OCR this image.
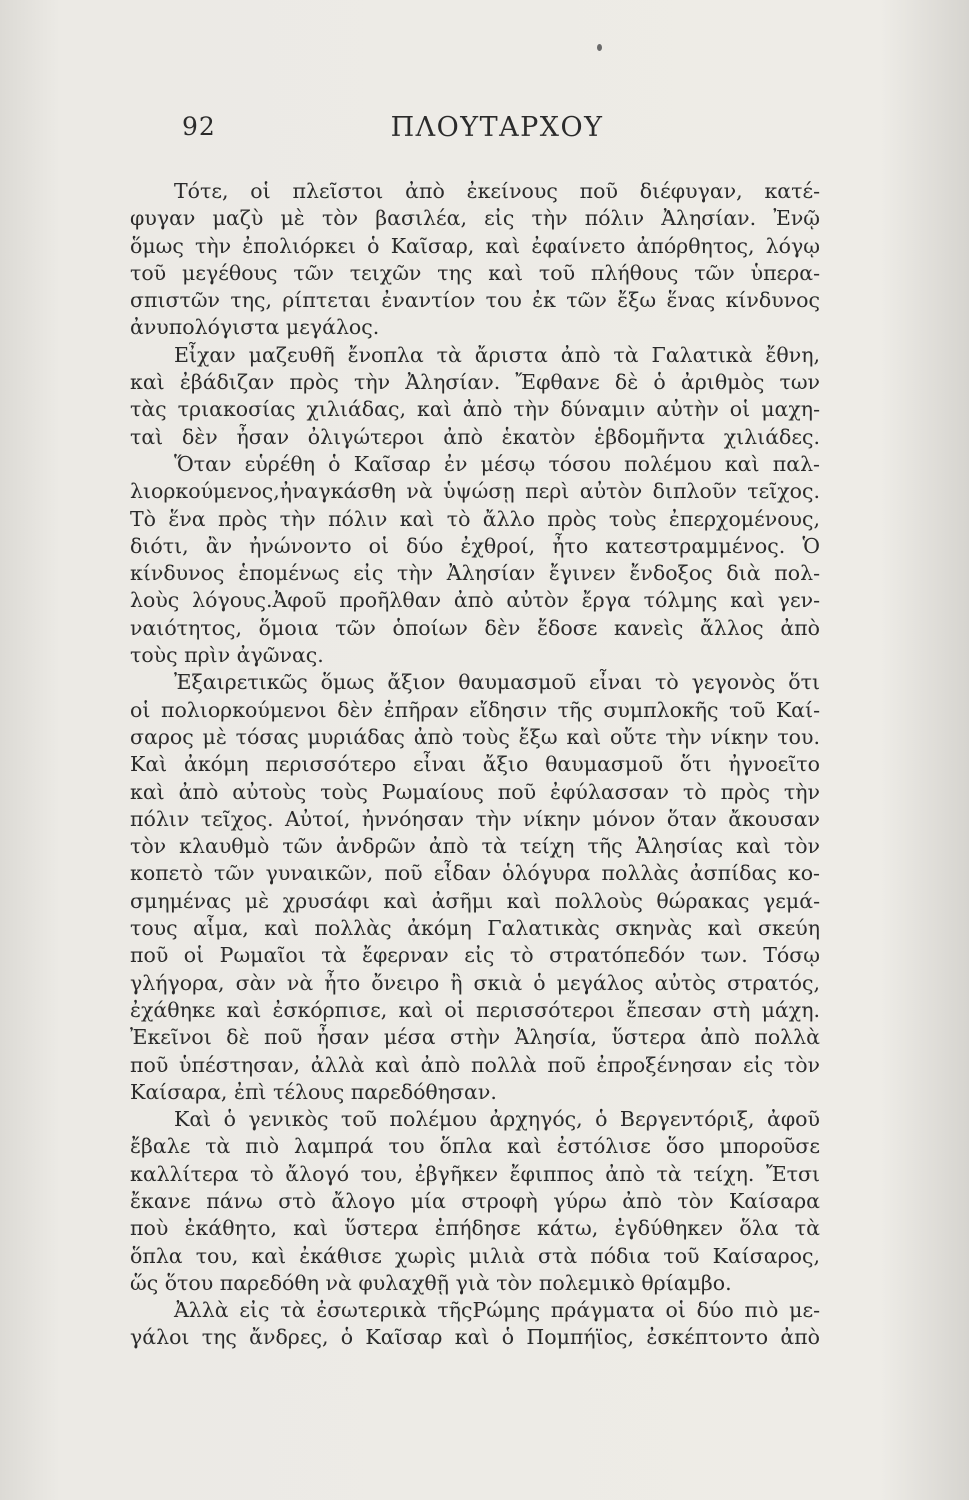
92	ΠΛΟΥΤΑΡΧΟΥ
Τότε, οἱ πλεῖστοι ἀπὸ ἐκείνους ποῦ διέφυγαν, κατέ-
φυγαν μαζὺ μὲ τὸν βασιλέα, εἰς τὴν πόλιν Ἀλησίαν. Ἐνῷ
ὅμως τὴν ἐπολιόρκει ὁ Καῖσαρ, καὶ ἐφαίνετο ἀπόρθητος, λόγῳ
τοῦ μεγέθους τῶν τειχῶν της καὶ τοῦ πλήθους τῶν ὑπερα-
σπιστῶν της, ρίπτεται ἐναντίον του ἐκ τῶν ἔξω ἕνας κίνδυνος
ἀνυπολόγιστα μεγάλος.
Εἶχαν μαζευθῆ ἔνοπλα τὰ ἄριστα ἀπὸ τὰ Γαλατικὰ ἔθνη,
καὶ ἐβάδιζαν πρὸς τὴν Ἀλησίαν. Ἔφθανε δὲ ὁ ἀριθμὸς των
τὰς τριακοσίας χιλιάδας, καὶ ἀπὸ τὴν δύναμιν αὐτὴν οἱ μαχη-
ταὶ δὲν ἦσαν ὀλιγώτεροι ἀπὸ ἑκατὸν ἑβδομῆντα χιλιάδες.
Ὅταν εὑρέθη ὁ Καῖσαρ ἐν μέσῳ τόσου πολέμου καὶ παλ-
λιορκούμενος,ἠναγκάσθη νὰ ὑψώσῃ περὶ αὐτὸν διπλοῦν τεῖχος.
Τὸ ἕνα πρὸς τὴν πόλιν καὶ τὸ ἄλλο πρὸς τοὺς ἐπερχομένους,
διότι, ἂν ἠνώνοντο οἱ δύο ἐχθροί, ἦτο κατεστραμμένος. Ὁ
κίνδυνος ἑπομένως εἰς τὴν Ἀλησίαν ἔγινεν ἔνδοξος διὰ πολ-
λοὺς λόγους.Ἀφοῦ προῆλθαν ἀπὸ αὐτὸν ἔργα τόλμης καὶ γεν-
ναιότητος, ὅμοια τῶν ὁποίων δὲν ἔδοσε κανεὶς ἄλλος ἀπὸ
τοὺς πρὶν ἀγῶνας.
Ἐξαιρετικῶς ὅμως ἄξιον θαυμασμοῦ εἶναι τὸ γεγονὸς ὅτι
οἱ πολιορκούμενοι δὲν ἐπῆραν εἴδησιν τῆς συμπλοκῆς τοῦ Καί-
σαρος μὲ τόσας μυριάδας ἀπὸ τοὺς ἔξω καὶ οὔτε τὴν νίκην του.
Καὶ ἀκόμη περισσότερο εἶναι ἄξιο θαυμασμοῦ ὅτι ἠγνοεῖτο
καὶ ἀπὸ αὐτοὺς τοὺς Ρωμαίους ποῦ ἐφύλασσαν τὸ πρὸς τὴν
πόλιν τεῖχος. Αὐτοί, ἠννόησαν τὴν νίκην μόνον ὅταν ἄκουσαν
τὸν κλαυθμὸ τῶν ἀνδρῶν ἀπὸ τὰ τείχη τῆς Ἀλησίας καὶ τὸν
κοπετὸ τῶν γυναικῶν, ποῦ εἶδαν ὁλόγυρα πολλὰς ἀσπίδας κο-
σμημένας μὲ χρυσάφι καὶ ἀσῆμι καὶ πολλοὺς θώρακας γεμά-
τους αἷμα, καὶ πολλὰς ἀκόμη Γαλατικὰς σκηνὰς καὶ σκεύη
ποῦ οἱ Ρωμαῖοι τὰ ἔφερναν εἰς τὸ στρατόπεδόν των. Τόσῳ
γλήγορα, σὰν νὰ ἦτο ὄνειρο ἢ σκιὰ ὁ μεγάλος αὐτὸς στρατός,
ἐχάθηκε καὶ ἐσκόρπισε, καὶ οἱ περισσότεροι ἔπεσαν στὴ μάχη.
Ἐκεῖνοι δὲ ποῦ ἦσαν μέσα στὴν Ἀλησία, ὕστερα ἀπὸ πολλὰ
ποῦ ὑπέστησαν, ἀλλὰ καὶ ἀπὸ πολλὰ ποῦ ἐπροξένησαν εἰς τὸν
Καίσαρα, ἐπὶ τέλους παρεδόθησαν.
Καὶ ὁ γενικὸς τοῦ πολέμου ἀρχηγός, ὁ Βεργεντόριξ, ἀφοῦ
ἔβαλε τὰ πιὸ λαμπρά του ὅπλα καὶ ἐστόλισε ὅσο μποροῦσε
καλλίτερα τὸ ἄλογό του, ἐβγῆκεν ἔφιππος ἀπὸ τὰ τείχη. Ἔτσι
ἔκανε πάνω στὸ ἄλογο μία στροφὴ γύρω ἀπὸ τὸν Καίσαρα
ποὺ ἐκάθητο, καὶ ὕστερα ἐπήδησε κάτω, ἐγδύθηκεν ὅλα τὰ
ὅπλα του, καὶ ἐκάθισε χωρὶς μιλιὰ στὰ πόδια τοῦ Καίσαρος,
ὥς ὅτου παρεδόθη νὰ φυλαχθῇ γιὰ τὸν πολεμικὸ θρίαμβο.
Ἀλλὰ εἰς τὰ ἐσωτερικὰ τῆςΡώμης πράγματα οἱ δύο πιὸ με-
γάλοι της ἄνδρες, ὁ Καῖσαρ καὶ ὁ Πομπήϊος, ἐσκέπτοντο ἀπὸ
